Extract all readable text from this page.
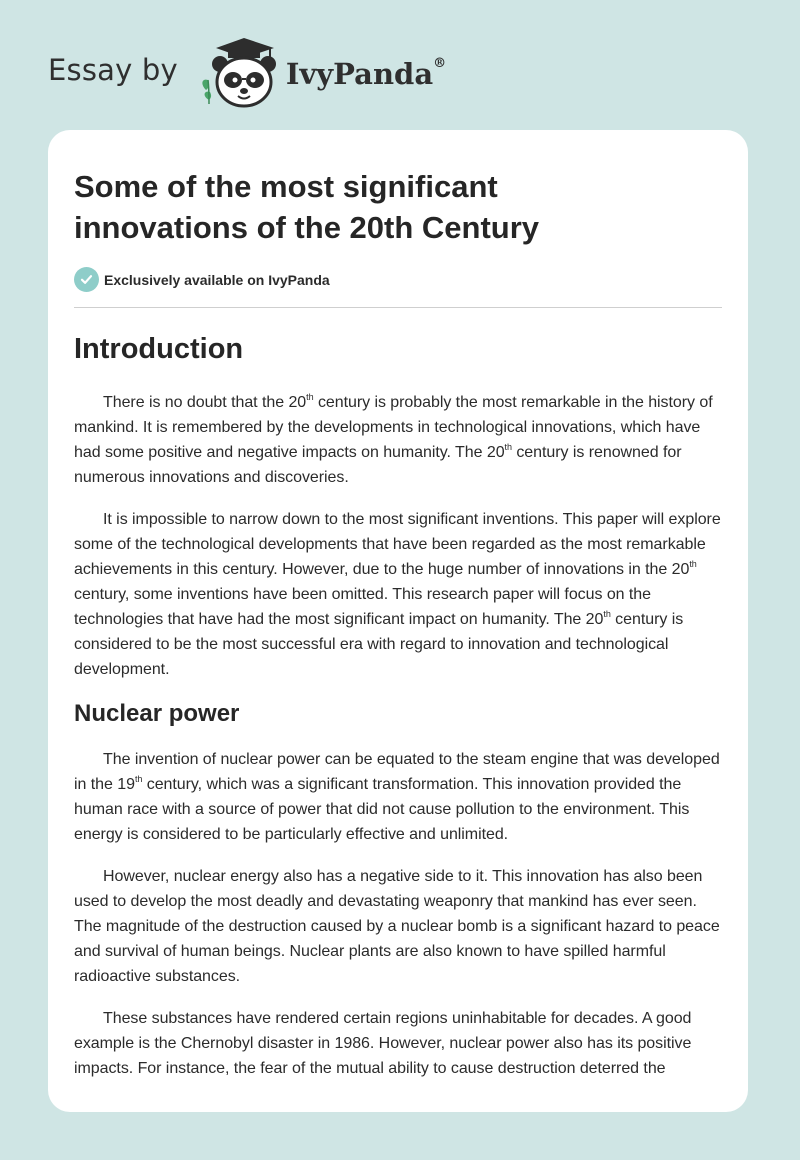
Essay by	IvyPanda®
Some of the most significant innovations of the 20th Century
Exclusively available on IvyPanda
Introduction

There is no doubt that the 20th century is probably the most remarkable in the history of mankind. It is remembered by the developments in technological innovations, which have had some positive and negative impacts on humanity. The 20th century is renowned for numerous innovations and discoveries.

It is impossible to narrow down to the most significant inventions. This paper will explore some of the technological developments that have been regarded as the most remarkable achievements in this century. However, due to the huge number of innovations in the 20th century, some inventions have been omitted. This research paper will focus on the technologies that have had the most significant impact on humanity. The 20th century is considered to be the most successful era with regard to innovation and technological development.

Nuclear power

The invention of nuclear power can be equated to the steam engine that was developed in the 19th century, which was a significant transformation. This innovation provided the human race with a source of power that did not cause pollution to the environment. This energy is considered to be particularly effective and unlimited.

However, nuclear energy also has a negative side to it. This innovation has also been used to develop the most deadly and devastating weaponry that mankind has ever seen. The magnitude of the destruction caused by a nuclear bomb is a significant hazard to peace and survival of human beings. Nuclear plants are also known to have spilled harmful radioactive substances.

These substances have rendered certain regions uninhabitable for decades. A good example is the Chernobyl disaster in 1986. However, nuclear power also has its positive impacts. For instance, the fear of the mutual ability to cause destruction deterred the
